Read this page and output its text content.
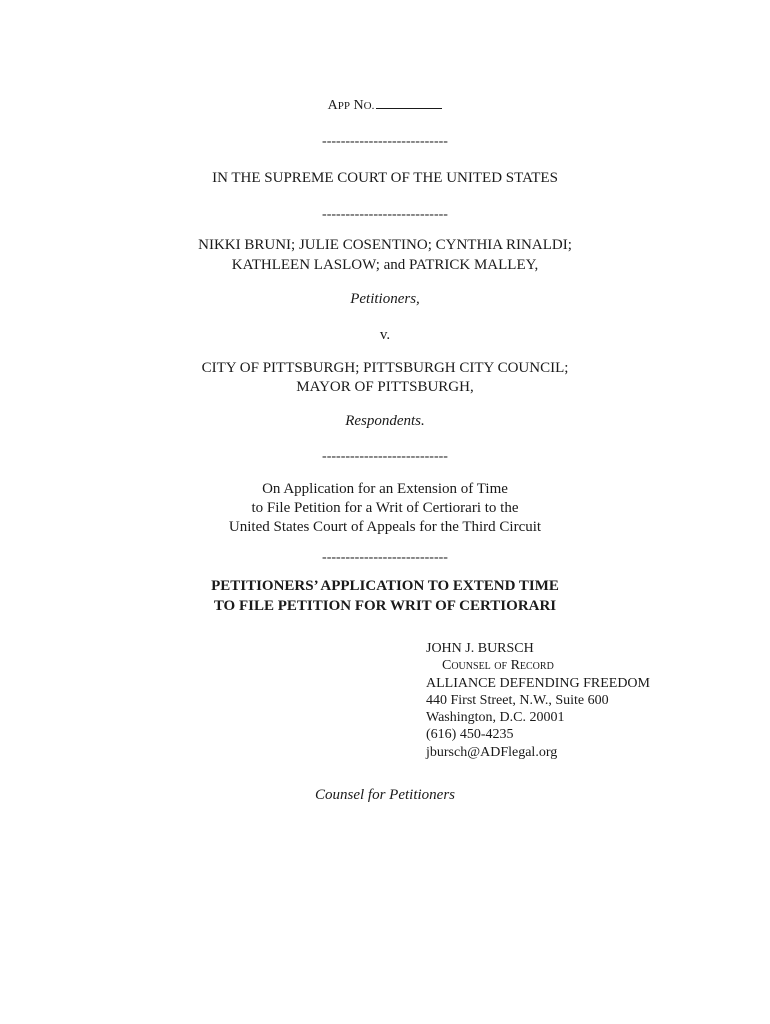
APP NO.
---------------------------
IN THE SUPREME COURT OF THE UNITED STATES
---------------------------
NIKKI BRUNI; JULIE COSENTINO; CYNTHIA RINALDI;
KATHLEEN LASLOW; and PATRICK MALLEY,
Petitioners,
v.
CITY OF PITTSBURGH; PITTSBURGH CITY COUNCIL;
MAYOR OF PITTSBURGH,
Respondents.
---------------------------
On Application for an Extension of Time
to File Petition for a Writ of Certiorari to the
United States Court of Appeals for the Third Circuit
---------------------------
PETITIONERS’ APPLICATION TO EXTEND TIME
TO FILE PETITION FOR WRIT OF CERTIORARI
JOHN J. BURSCH
Counsel of Record
ALLIANCE DEFENDING FREEDOM
440 First Street, N.W., Suite 600
Washington, D.C. 20001
(616) 450-4235
jbursch@ADFlegal.org
Counsel for Petitioners
